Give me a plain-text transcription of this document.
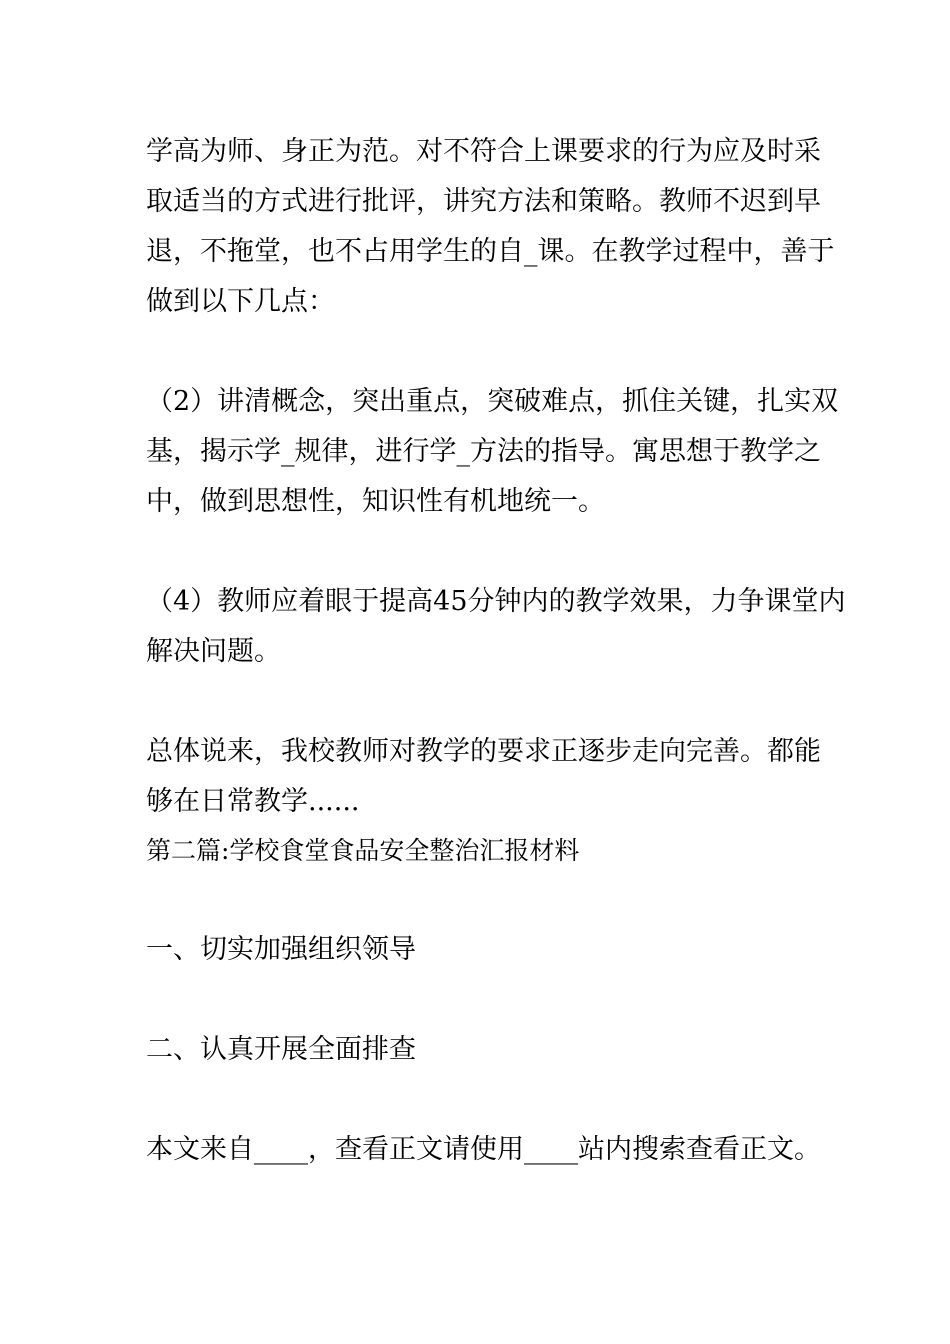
学高为师、身正为范。对不符合上课要求的行为应及时采
取适当的方式进行批评，讲究方法和策略。教师不迟到早
退，不拖堂，也不占用学生的自_课。在教学过程中，善于
做到以下几点：
（2）讲清概念，突出重点，突破难点，抓住关键，扎实双
基，揭示学_规律，进行学_方法的指导。寓思想于教学之
中，做到思想性，知识性有机地统一。
（4）教师应着眼于提高45分钟内的教学效果，力争课堂内
解决问题。
总体说来，我校教师对教学的要求正逐步走向完善。都能
够在日常教学......
第二篇:学校食堂食品安全整治汇报材料
一、切实加强组织领导
二、认真开展全面排查
本文来自____，查看正文请使用____站内搜索查看正文。
